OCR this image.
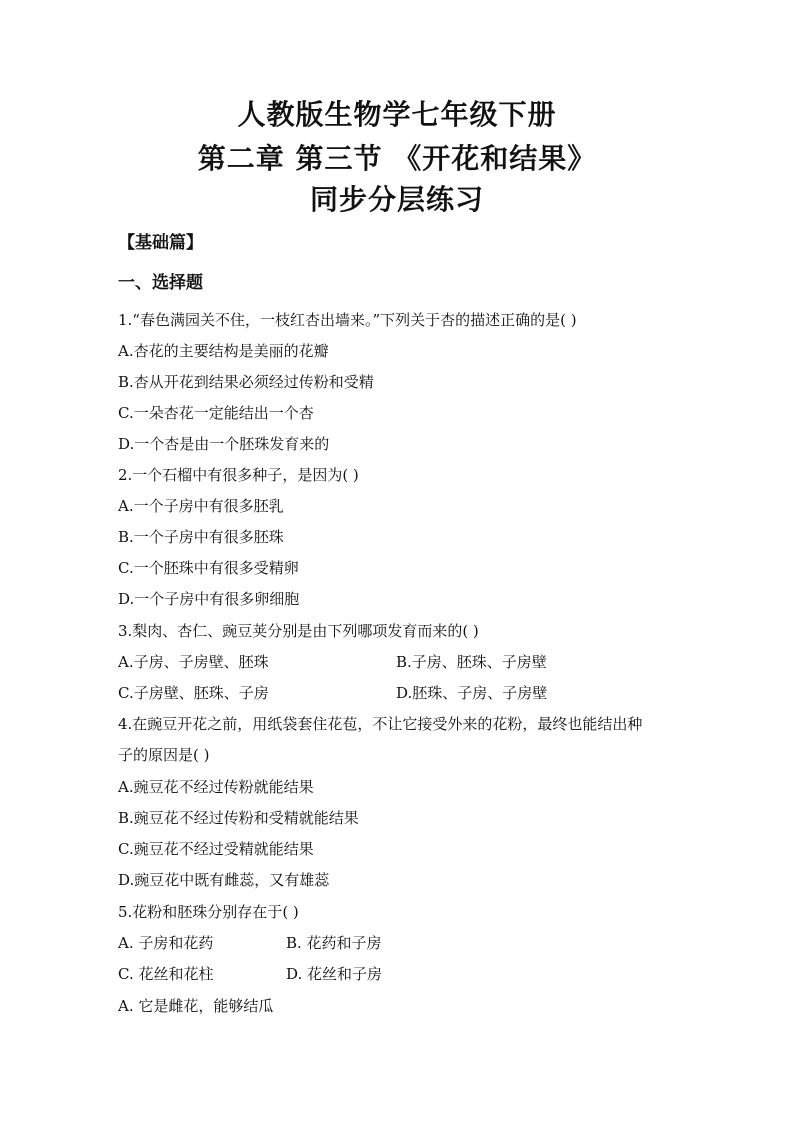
人教版生物学七年级下册
第二章 第三节 《开花和结果》
同步分层练习
【基础篇】
一、选择题
1.“春色满园关不住，一枝红杏出墙来。”下列关于杏的描述正确的是( )
A.杏花的主要结构是美丽的花瓣
B.杏从开花到结果必须经过传粉和受精
C.一朵杏花一定能结出一个杏
D.一个杏是由一个胚珠发育来的
2.一个石榴中有很多种子，是因为( )
A.一个子房中有很多胚乳
B.一个子房中有很多胚珠
C.一个胚珠中有很多受精卵
D.一个子房中有很多卵细胞
3.梨肉、杏仁、豌豆荚分别是由下列哪项发育而来的( )
A.子房、子房壁、胚珠	B.子房、胚珠、子房壁
C.子房壁、胚珠、子房	D.胚珠、子房、子房壁
4.在豌豆开花之前，用纸袋套住花苞，不让它接受外来的花粉，最终也能结出种
子的原因是( )
A.豌豆花不经过传粉就能结果
B.豌豆花不经过传粉和受精就能结果
C.豌豆花不经过受精就能结果
D.豌豆花中既有雌蕊，又有雄蕊
5.花粉和胚珠分别存在于( )
A. 子房和花药	B. 花药和子房
C. 花丝和花柱	D. 花丝和子房
A. 它是雌花，能够结瓜
